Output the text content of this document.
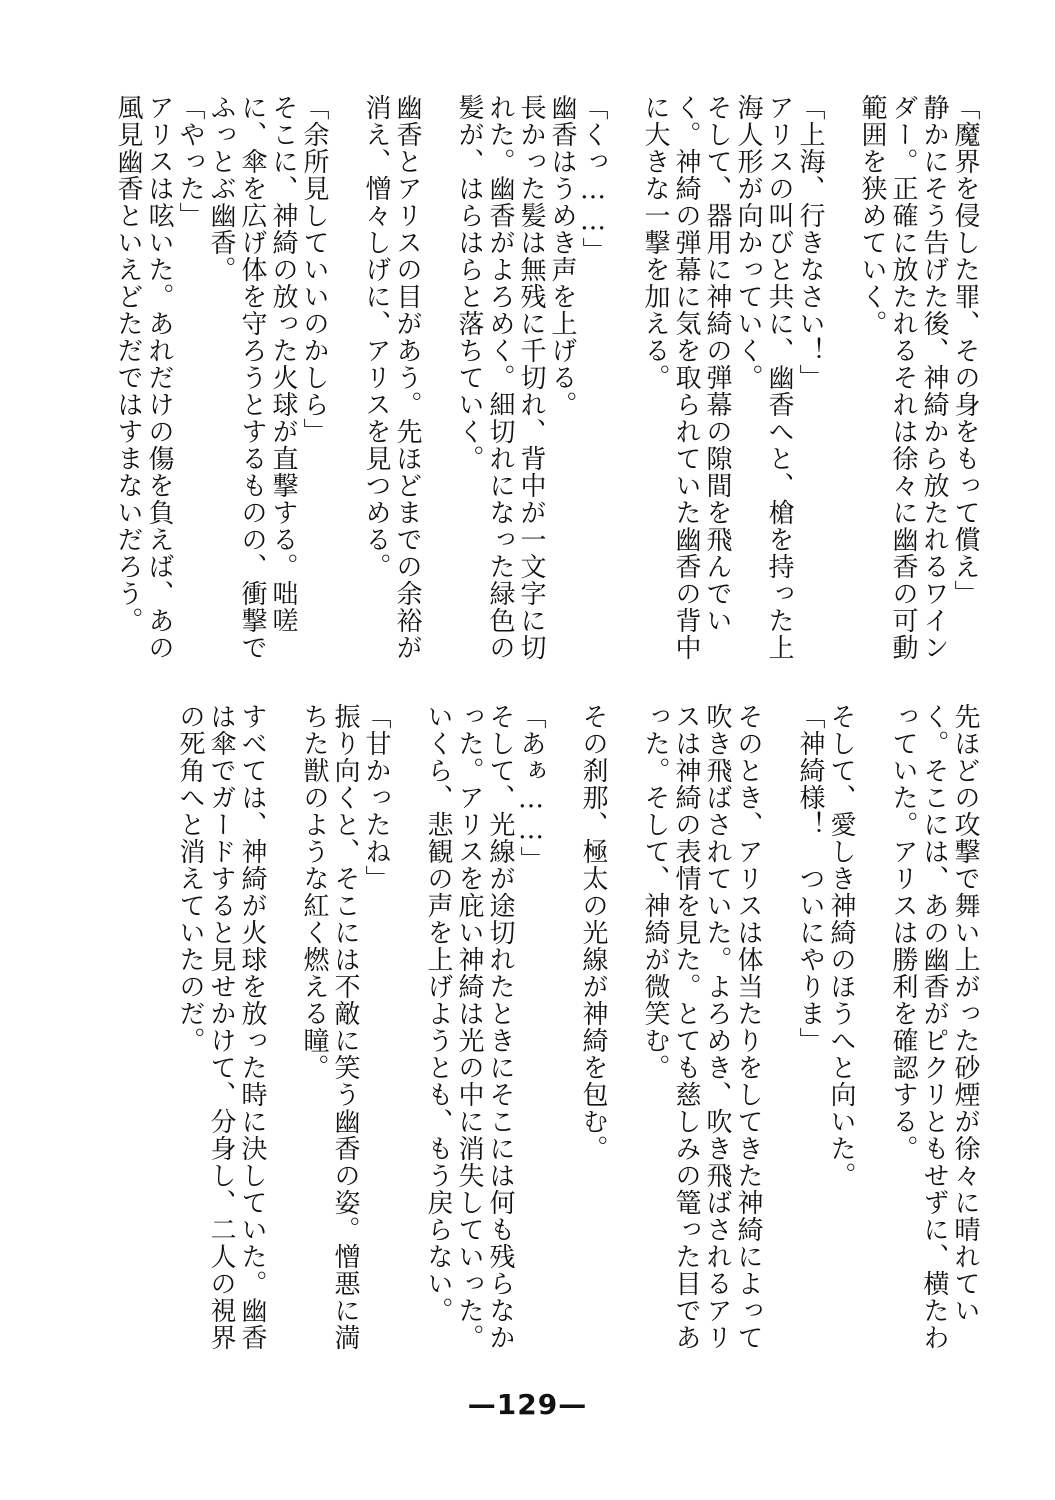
「魔界を侵した罪、その身をもって償え」

静かにそう告げた後、神綺から放たれるワインダー。正確に放たれるそれは徐々に幽香の可動範囲を狭めていく。

「上海、行きなさい！」

アリスの叫びと共に、幽香へと、槍を持った上海人形が向かっていく。

そして、器用に神綺の弾幕の隙間を飛んでいく。神綺の弾幕に気を取られていた幽香の背中に大きな一撃を加える。

「くっ……」

幽香はうめき声を上げる。

長かった髪は無残に千切れ、背中が一文字に切れた。幽香がよろめく。細切れになった緑色の髪が、はらはらと落ちていく。

幽香とアリスの目があう。先ほどまでの余裕が消え、憎々しげに、アリスを見つめる。

「余所見していいのかしら」

そこに、神綺の放った火球が直撃する。咄嗟に、傘を広げ体を守ろうとするものの、衝撃でふっとぶ幽香。

「やった」

アリスは呟いた。あれだけの傷を負えば、あの風見幽香といえどただではすまないだろう。

先ほどの攻撃で舞い上がった砂煙が徐々に晴れていく。そこには、あの幽香がピクリともせずに、横たわっていた。アリスは勝利を確認する。

そして、愛しき神綺のほうへと向いた。

「神綺様！　ついにやりま」

そのとき、アリスは体当たりをしてきた神綺によって吹き飛ばされていた。よろめき、吹き飛ばされるアリスは神綺の表情を見た。とても慈しみの篭った目であった。そして、神綺が微笑む。

その刹那、極太の光線が神綺を包む。

「あぁ……」

そして、光線が途切れたときにそこには何も残らなかった。アリスを庇い神綺は光の中に消失していった。いくら、悲観の声を上げようとも、もう戻らない。

「甘かったね」

振り向くと、そこには不敵に笑う幽香の姿。憎悪に満ちた獣のような紅く燃える瞳。

すべては、神綺が火球を放った時に決していた。幽香は傘でガードすると見せかけて、分身し、二人の視界の死角へと消えていたのだ。

—129—
